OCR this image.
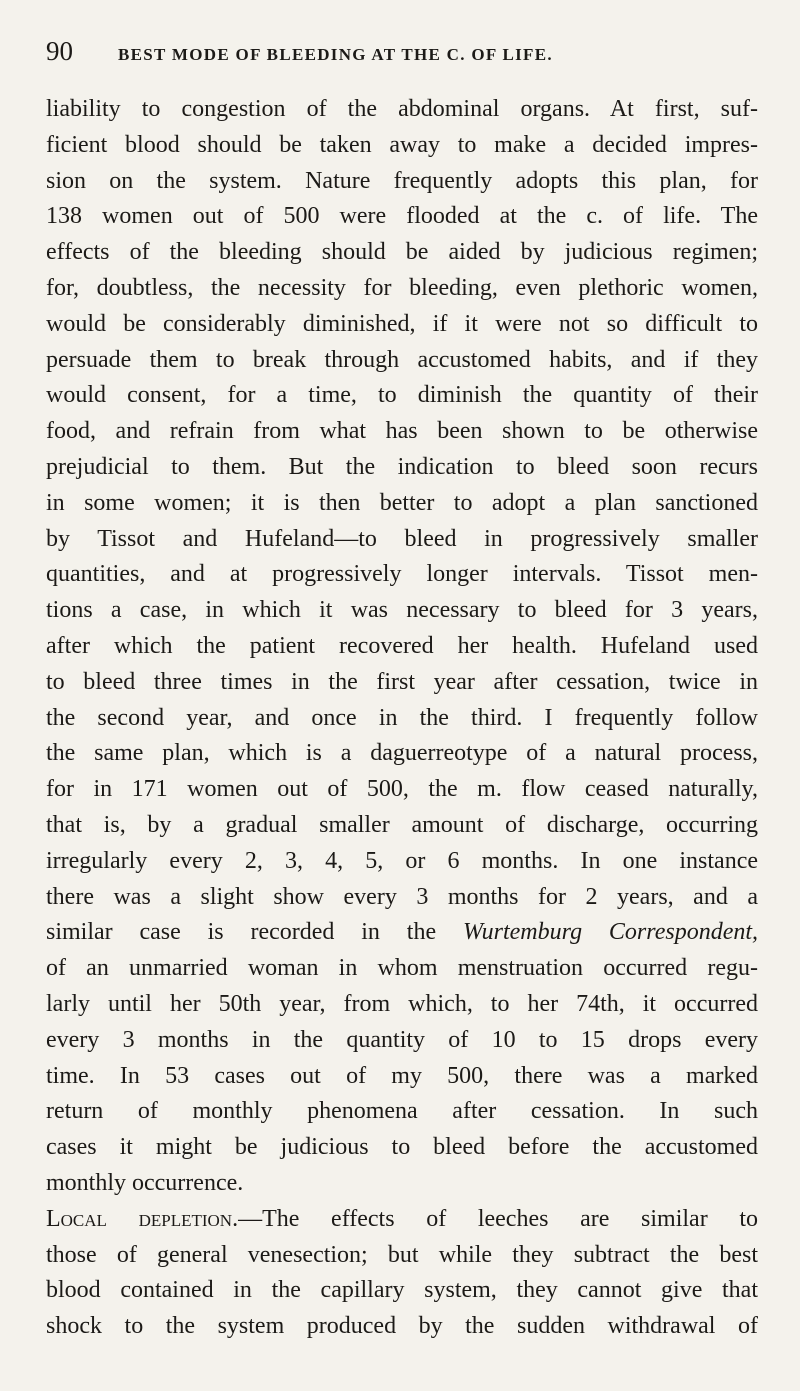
90	BEST MODE OF BLEEDING AT THE C. OF LIFE.
liability to congestion of the abdominal organs. At first, suf-
ficient blood should be taken away to make a decided impres-
sion on the system. Nature frequently adopts this plan, for
138 women out of 500 were flooded at the c. of life. The
effects of the bleeding should be aided by judicious regimen;
for, doubtless, the necessity for bleeding, even plethoric women,
would be considerably diminished, if it were not so difficult to
persuade them to break through accustomed habits, and if they
would consent, for a time, to diminish the quantity of their
food, and refrain from what has been shown to be otherwise
prejudicial to them. But the indication to bleed soon recurs
in some women; it is then better to adopt a plan sanctioned
by Tissot and Hufeland—to bleed in progressively smaller
quantities, and at progressively longer intervals. Tissot men-
tions a case, in which it was necessary to bleed for 3 years,
after which the patient recovered her health. Hufeland used
to bleed three times in the first year after cessation, twice in
the second year, and once in the third. I frequently follow
the same plan, which is a daguerreotype of a natural process,
for in 171 women out of 500, the m. flow ceased naturally,
that is, by a gradual smaller amount of discharge, occurring
irregularly every 2, 3, 4, 5, or 6 months. In one instance
there was a slight show every 3 months for 2 years, and a
similar case is recorded in the Wurtemburg Correspondent,
of an unmarried woman in whom menstruation occurred regu-
larly until her 50th year, from which, to her 74th, it occurred
every 3 months in the quantity of 10 to 15 drops every
time. In 53 cases out of my 500, there was a marked
return of monthly phenomena after cessation. In such
cases it might be judicious to bleed before the accustomed
monthly occurrence.
Local depletion.—The effects of leeches are similar to
those of general venesection; but while they subtract the best
blood contained in the capillary system, they cannot give that
shock to the system produced by the sudden withdrawal of
